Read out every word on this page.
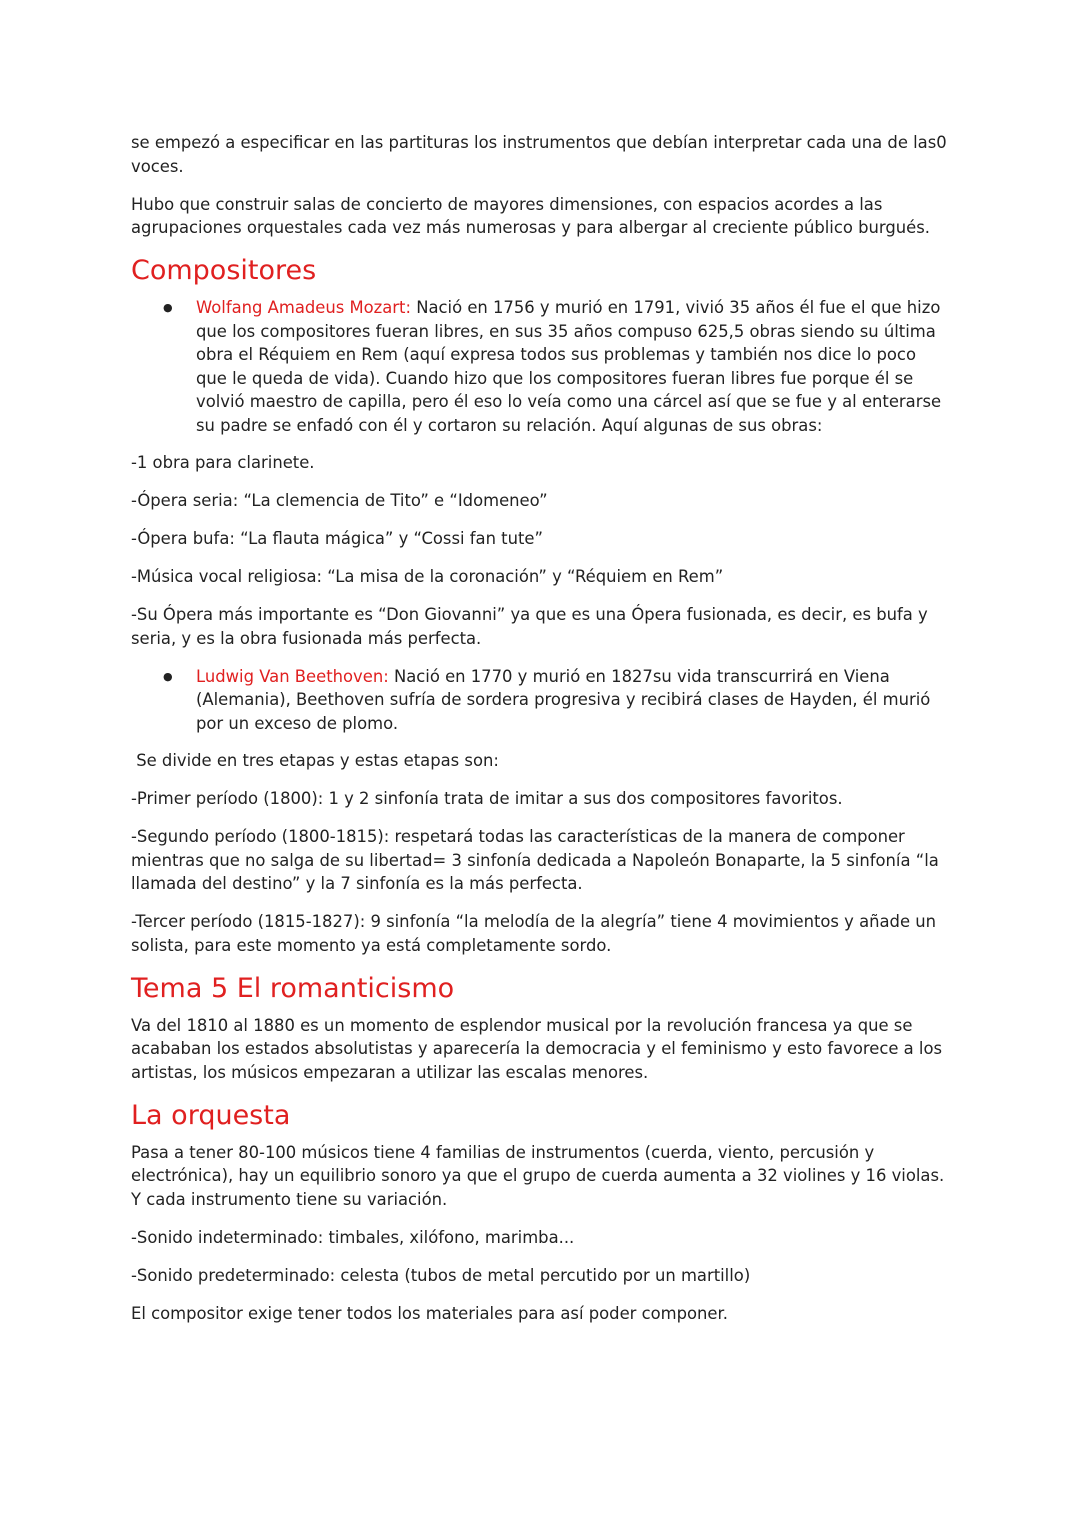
se empezó a especificar en las partituras los instrumentos que debían interpretar cada una de las0 voces.

Hubo que construir salas de concierto de mayores dimensiones, con espacios acordes a las agrupaciones orquestales cada vez más numerosas y para albergar al creciente público burgués.

Compositores
● Wolfang Amadeus Mozart: Nació en 1756 y murió en 1791, vivió 35 años él fue el que hizo que los compositores fueran libres, en sus 35 años compuso 625,5 obras siendo su última obra el Réquiem en Rem (aquí expresa todos sus problemas y también nos dice lo poco que le queda de vida). Cuando hizo que los compositores fueran libres fue porque él se volvió maestro de capilla, pero él eso lo veía como una cárcel así que se fue y al enterarse su padre se enfadó con él y cortaron su relación. Aquí algunas de sus obras:

-1 obra para clarinete.

-Ópera seria: “La clemencia de Tito” e “Idomeneo”

-Ópera bufa: “La flauta mágica” y “Cossi fan tute”

-Música vocal religiosa: “La misa de la coronación” y “Réquiem en Rem”

-Su Ópera más importante es “Don Giovanni” ya que es una Ópera fusionada, es decir, es bufa y seria, y es la obra fusionada más perfecta.

● Ludwig Van Beethoven: Nació en 1770 y murió en 1827su vida transcurrirá en Viena (Alemania), Beethoven sufría de sordera progresiva y recibirá clases de Hayden, él murió por un exceso de plomo.

Se divide en tres etapas y estas etapas son:

-Primer período (1800): 1 y 2 sinfonía trata de imitar a sus dos compositores favoritos.

-Segundo período (1800-1815): respetará todas las características de la manera de componer mientras que no salga de su libertad= 3 sinfonía dedicada a Napoleón Bonaparte, la 5 sinfonía “la llamada del destino” y la 7 sinfonía es la más perfecta.

-Tercer período (1815-1827): 9 sinfonía “la melodía de la alegría” tiene 4 movimientos y añade un solista, para este momento ya está completamente sordo.

Tema 5 El romanticismo

Va del 1810 al 1880 es un momento de esplendor musical por la revolución francesa ya que se acababan los estados absolutistas y aparecería la democracia y el feminismo y esto favorece a los artistas, los músicos empezaran a utilizar las escalas menores.

La orquesta

Pasa a tener 80-100 músicos tiene 4 familias de instrumentos (cuerda, viento, percusión y electrónica), hay un equilibrio sonoro ya que el grupo de cuerda aumenta a 32 violines y 16 violas. Y cada instrumento tiene su variación.

-Sonido indeterminado: timbales, xilófono, marimba...

-Sonido predeterminado: celesta (tubos de metal percutido por un martillo)

El compositor exige tener todos los materiales para así poder componer.
